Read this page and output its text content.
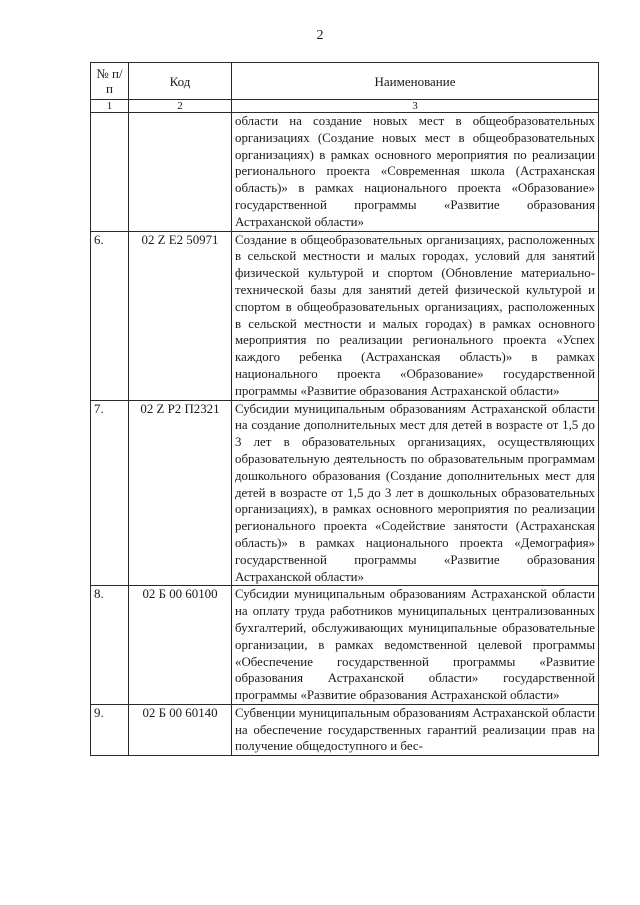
2
№ п/п	Код	Наименование
1	2	3
		области на создание новых мест в общеобразовательных организациях (Создание новых мест в общеобразовательных организациях) в рамках основного мероприятия по реализации регионального проекта «Современная школа (Астраханская область)» в рамках национального проекта «Образование» государственной программы «Развитие образования Астраханской области»
6.	02 Z E2 50971	Создание в общеобразовательных организациях, расположенных в сельской местности и малых городах, условий для занятий физической культурой и спортом (Обновление материально-технической базы для занятий детей физической культурой и спортом в общеобразовательных организациях, расположенных в сельской местности и малых городах) в рамках основного мероприятия по реализации регионального проекта «Успех каждого ребенка (Астраханская область)» в рамках национального проекта «Образование» государственной программы «Развитие образования Астраханской области»
7.	02 Z P2 П2321	Субсидии муниципальным образованиям Астраханской области на создание дополнительных мест для детей в возрасте от 1,5 до 3 лет в образовательных организациях, осуществляющих образовательную деятельность по образовательным программам дошкольного образования (Создание дополнительных мест для детей в возрасте от 1,5 до 3 лет в дошкольных образовательных организациях), в рамках основного мероприятия по реализации регионального проекта «Содействие занятости (Астраханская область)» в рамках национального проекта «Демография» государственной программы «Развитие образования Астраханской области»
8.	02 Б 00 60100	Субсидии муниципальным образованиям Астраханской области на оплату труда работников муниципальных централизованных бухгалтерий, обслуживающих муниципальные образовательные организации, в рамках ведомственной целевой программы «Обеспечение государственной программы «Развитие образования Астраханской области» государственной программы «Развитие образования Астраханской области»
9.	02 Б 00 60140	Субвенции муниципальным образованиям Астраханской области на обеспечение государственных гарантий реализации прав на получение общедоступного и бес-
